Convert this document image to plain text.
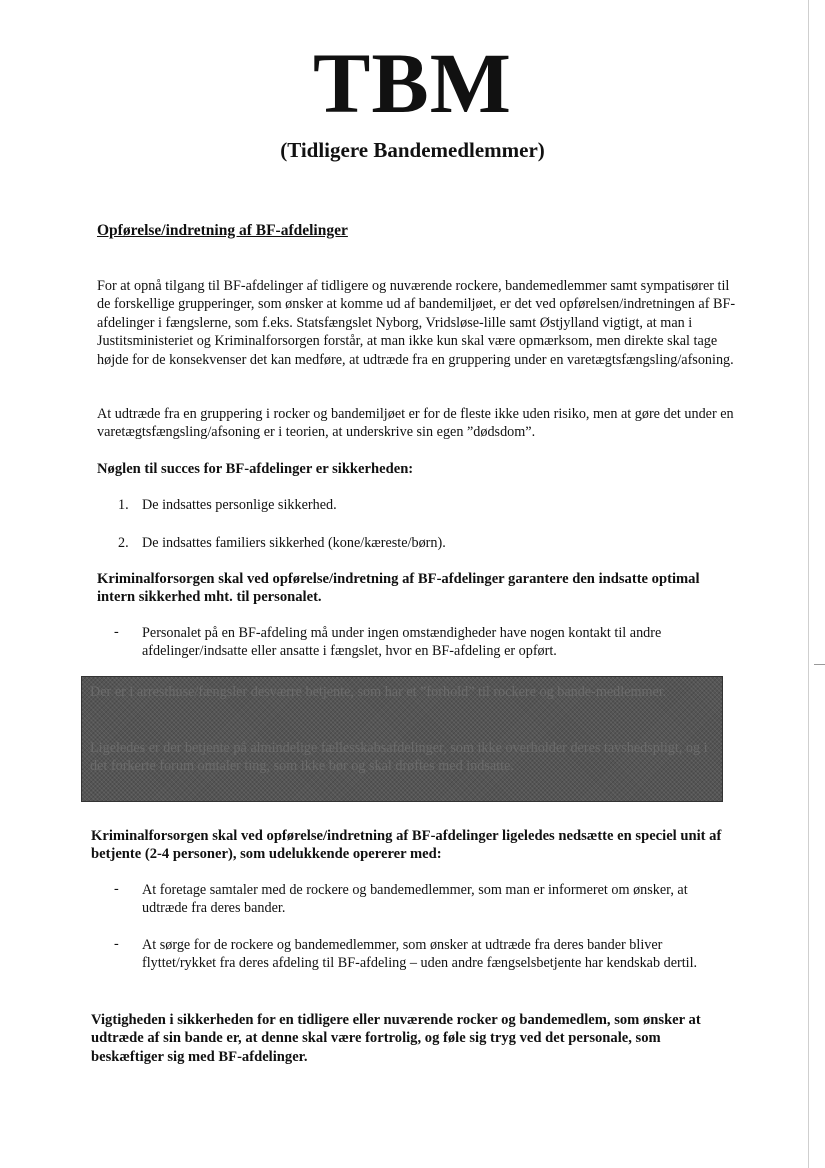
TBM
(Tidligere Bandemedlemmer)
Opførelse/indretning af BF-afdelinger
For at opnå tilgang til BF-afdelinger af tidligere og nuværende rockere, bandemedlemmer samt sympatisører til de forskellige grupperinger, som ønsker at komme ud af bandemiljøet, er det ved opførelsen/indretningen af BF-afdelinger i fængslerne, som f.eks. Statsfængslet Nyborg, Vridsløse-lille samt Østjylland vigtigt, at man i Justitsministeriet og Kriminalforsorgen forstår, at man ikke kun skal være opmærksom, men direkte skal tage højde for de konsekvenser det kan medføre, at udtræde fra en gruppering under en varetægtsfængsling/afsoning.
At udtræde fra en gruppering i rocker og bandemiljøet er for de fleste ikke uden risiko, men at gøre det under en varetægtsfængsling/afsoning er i teorien, at underskrive sin egen ”dødsdom”.
Nøglen til succes for BF-afdelinger er sikkerheden:
1. De indsattes personlige sikkerhed.
2. De indsattes familiers sikkerhed (kone/kæreste/børn).
Kriminalforsorgen skal ved opførelse/indretning af BF-afdelinger garantere den indsatte optimal intern sikkerhed mht. til personalet.
- Personalet på en BF-afdeling må under ingen omstændigheder have nogen kontakt til andre afdelinger/indsatte eller ansatte i fængslet, hvor en BF-afdeling er opført.
Der er i arresthuse/fængsler desværre betjente, som har et ”forhold” til rockere og bande-medlemmer.
Ligeledes er der betjente på almindelige fællesskabsafdelinger, som ikke overholder deres tavshedspligt, og i det forkerte forum omtaler ting, som ikke bør og skal drøftes med indsatte.
Kriminalforsorgen skal ved opførelse/indretning af BF-afdelinger ligeledes nedsætte en speciel unit af betjente (2-4 personer), som udelukkende opererer med:
- At foretage samtaler med de rockere og bandemedlemmer, som man er informeret om ønsker, at udtræde fra deres bander.
- At sørge for de rockere og bandemedlemmer, som ønsker at udtræde fra deres bander bliver flyttet/rykket fra deres afdeling til BF-afdeling – uden andre fængselsbetjente har kendskab dertil.
Vigtigheden i sikkerheden for en tidligere eller nuværende rocker og bandemedlem, som ønsker at udtræde af sin bande er, at denne skal være fortrolig, og føle sig tryg ved det personale, som beskæftiger sig med BF-afdelinger.
